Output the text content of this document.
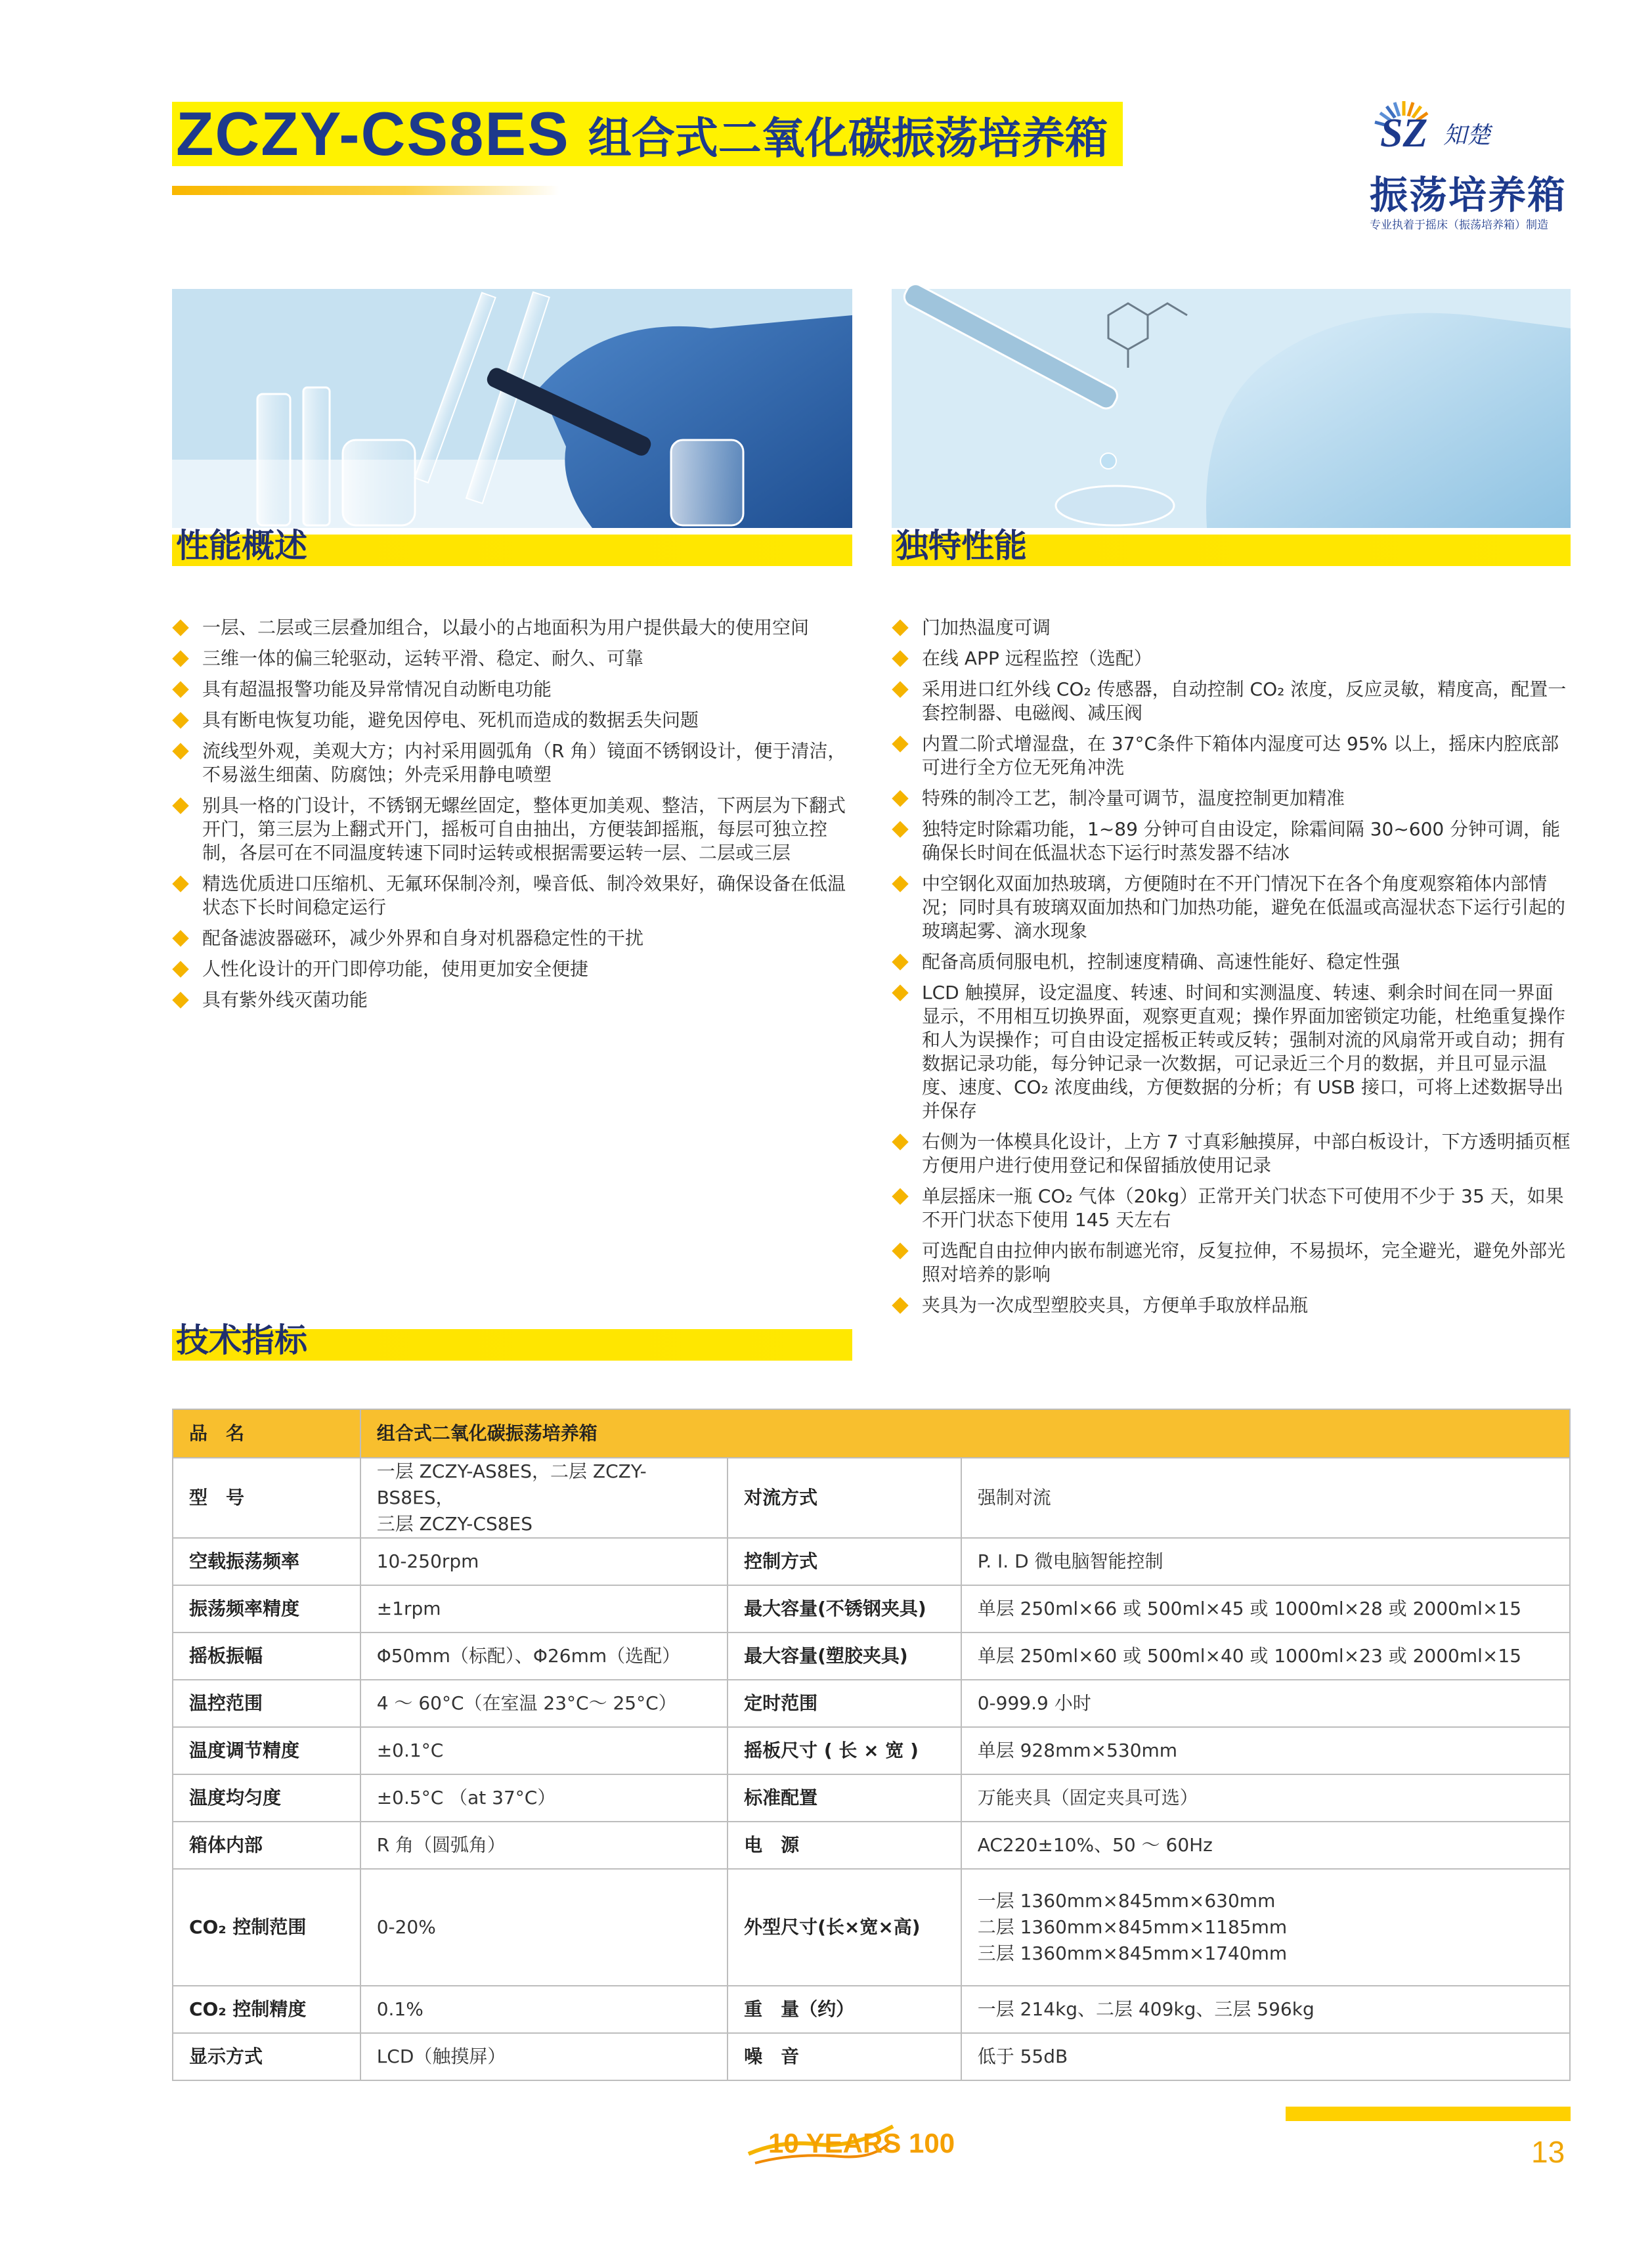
ZCZY-CS8ES 组合式二氧化碳振荡培养箱	SZ 知楚
振荡培养箱
专业执着于摇床（振荡培养箱）制造
性能概述	独特性能
一层、二层或三层叠加组合，以最小的占地面积为用户提供最大的使用空间
三维一体的偏三轮驱动，运转平滑、稳定、耐久、可靠
具有超温报警功能及异常情况自动断电功能
具有断电恢复功能，避免因停电、死机而造成的数据丢失问题
流线型外观，美观大方；内衬采用圆弧角（R 角）镜面不锈钢设计，便于清洁，不易滋生细菌、防腐蚀；外壳采用静电喷塑
别具一格的门设计，不锈钢无螺丝固定，整体更加美观、整洁，下两层为下翻式开门，第三层为上翻式开门，摇板可自由抽出，方便装卸摇瓶，每层可独立控制，各层可在不同温度转速下同时运转或根据需要运转一层、二层或三层
精选优质进口压缩机、无氟环保制冷剂，噪音低、制冷效果好，确保设备在低温状态下长时间稳定运行
配备滤波器磁环，减少外界和自身对机器稳定性的干扰
人性化设计的开门即停功能，使用更加安全便捷
具有紫外线灭菌功能
门加热温度可调
在线 APP 远程监控（选配）
采用进口红外线 CO₂ 传感器，自动控制 CO₂ 浓度，反应灵敏，精度高，配置一套控制器、电磁阀、减压阀
内置二阶式增湿盘，在 37°C条件下箱体内湿度可达 95% 以上，摇床内腔底部可进行全方位无死角冲洗
特殊的制冷工艺，制冷量可调节，温度控制更加精准
独特定时除霜功能，1~89 分钟可自由设定，除霜间隔 30~600 分钟可调，能确保长时间在低温状态下运行时蒸发器不结冰
中空钢化双面加热玻璃，方便随时在不开门情况下在各个角度观察箱体内部情况；同时具有玻璃双面加热和门加热功能，避免在低温或高湿状态下运行引起的玻璃起雾、滴水现象
配备高质伺服电机，控制速度精确、高速性能好、稳定性强
LCD 触摸屏，设定温度、转速、时间和实测温度、转速、剩余时间在同一界面显示，不用相互切换界面，观察更直观；操作界面加密锁定功能，杜绝重复操作和人为误操作；可自由设定摇板正转或反转；强制对流的风扇常开或自动；拥有数据记录功能，每分钟记录一次数据，可记录近三个月的数据，并且可显示温度、速度、CO₂ 浓度曲线，方便数据的分析；有 USB 接口，可将上述数据导出并保存
右侧为一体模具化设计，上方 7 寸真彩触摸屏，中部白板设计，下方透明插页框方便用户进行使用登记和保留插放使用记录
单层摇床一瓶 CO₂ 气体（20kg）正常开关门状态下可使用不少于 35 天，如果不开门状态下使用 145 天左右
可选配自由拉伸内嵌布制遮光帘，反复拉伸，不易损坏，完全避光，避免外部光照对培养的影响
夹具为一次成型塑胶夹具，方便单手取放样品瓶
技术指标
品　名	组合式二氧化碳振荡培养箱		
型　号	一层 ZCZY-AS8ES，二层 ZCZY-BS8ES，
三层 ZCZY-CS8ES	对流方式	强制对流
空载振荡频率	10-250rpm	控制方式	P. I. D 微电脑智能控制
振荡频率精度	±1rpm	最大容量(不锈钢夹具)	单层 250ml×66 或 500ml×45 或 1000ml×28 或 2000ml×15
摇板振幅	Φ50mm（标配）、Φ26mm（选配）	最大容量(塑胶夹具)	单层 250ml×60 或 500ml×40 或 1000ml×23 或 2000ml×15
温控范围	4 ～ 60°C（在室温 23°C～ 25°C）	定时范围	0-999.9 小时
温度调节精度	±0.1°C	摇板尺寸 ( 长 × 宽 )	单层 928mm×530mm
温度均匀度	±0.5°C （at 37°C）	标准配置	万能夹具（固定夹具可选）
箱体内部	R 角（圆弧角）	电　源	AC220±10%、50 ～ 60Hz
CO₂ 控制范围	0-20%	外型尺寸(长×宽×高)	一层 1360mm×845mm×630mm
二层 1360mm×845mm×1185mm
三层 1360mm×845mm×1740mm
CO₂ 控制精度	0.1%	重　量（约）	一层 214kg、二层 409kg、三层 596kg
显示方式	LCD（触摸屏）	噪　音	低于 55dB
10 YEARS 100	13
